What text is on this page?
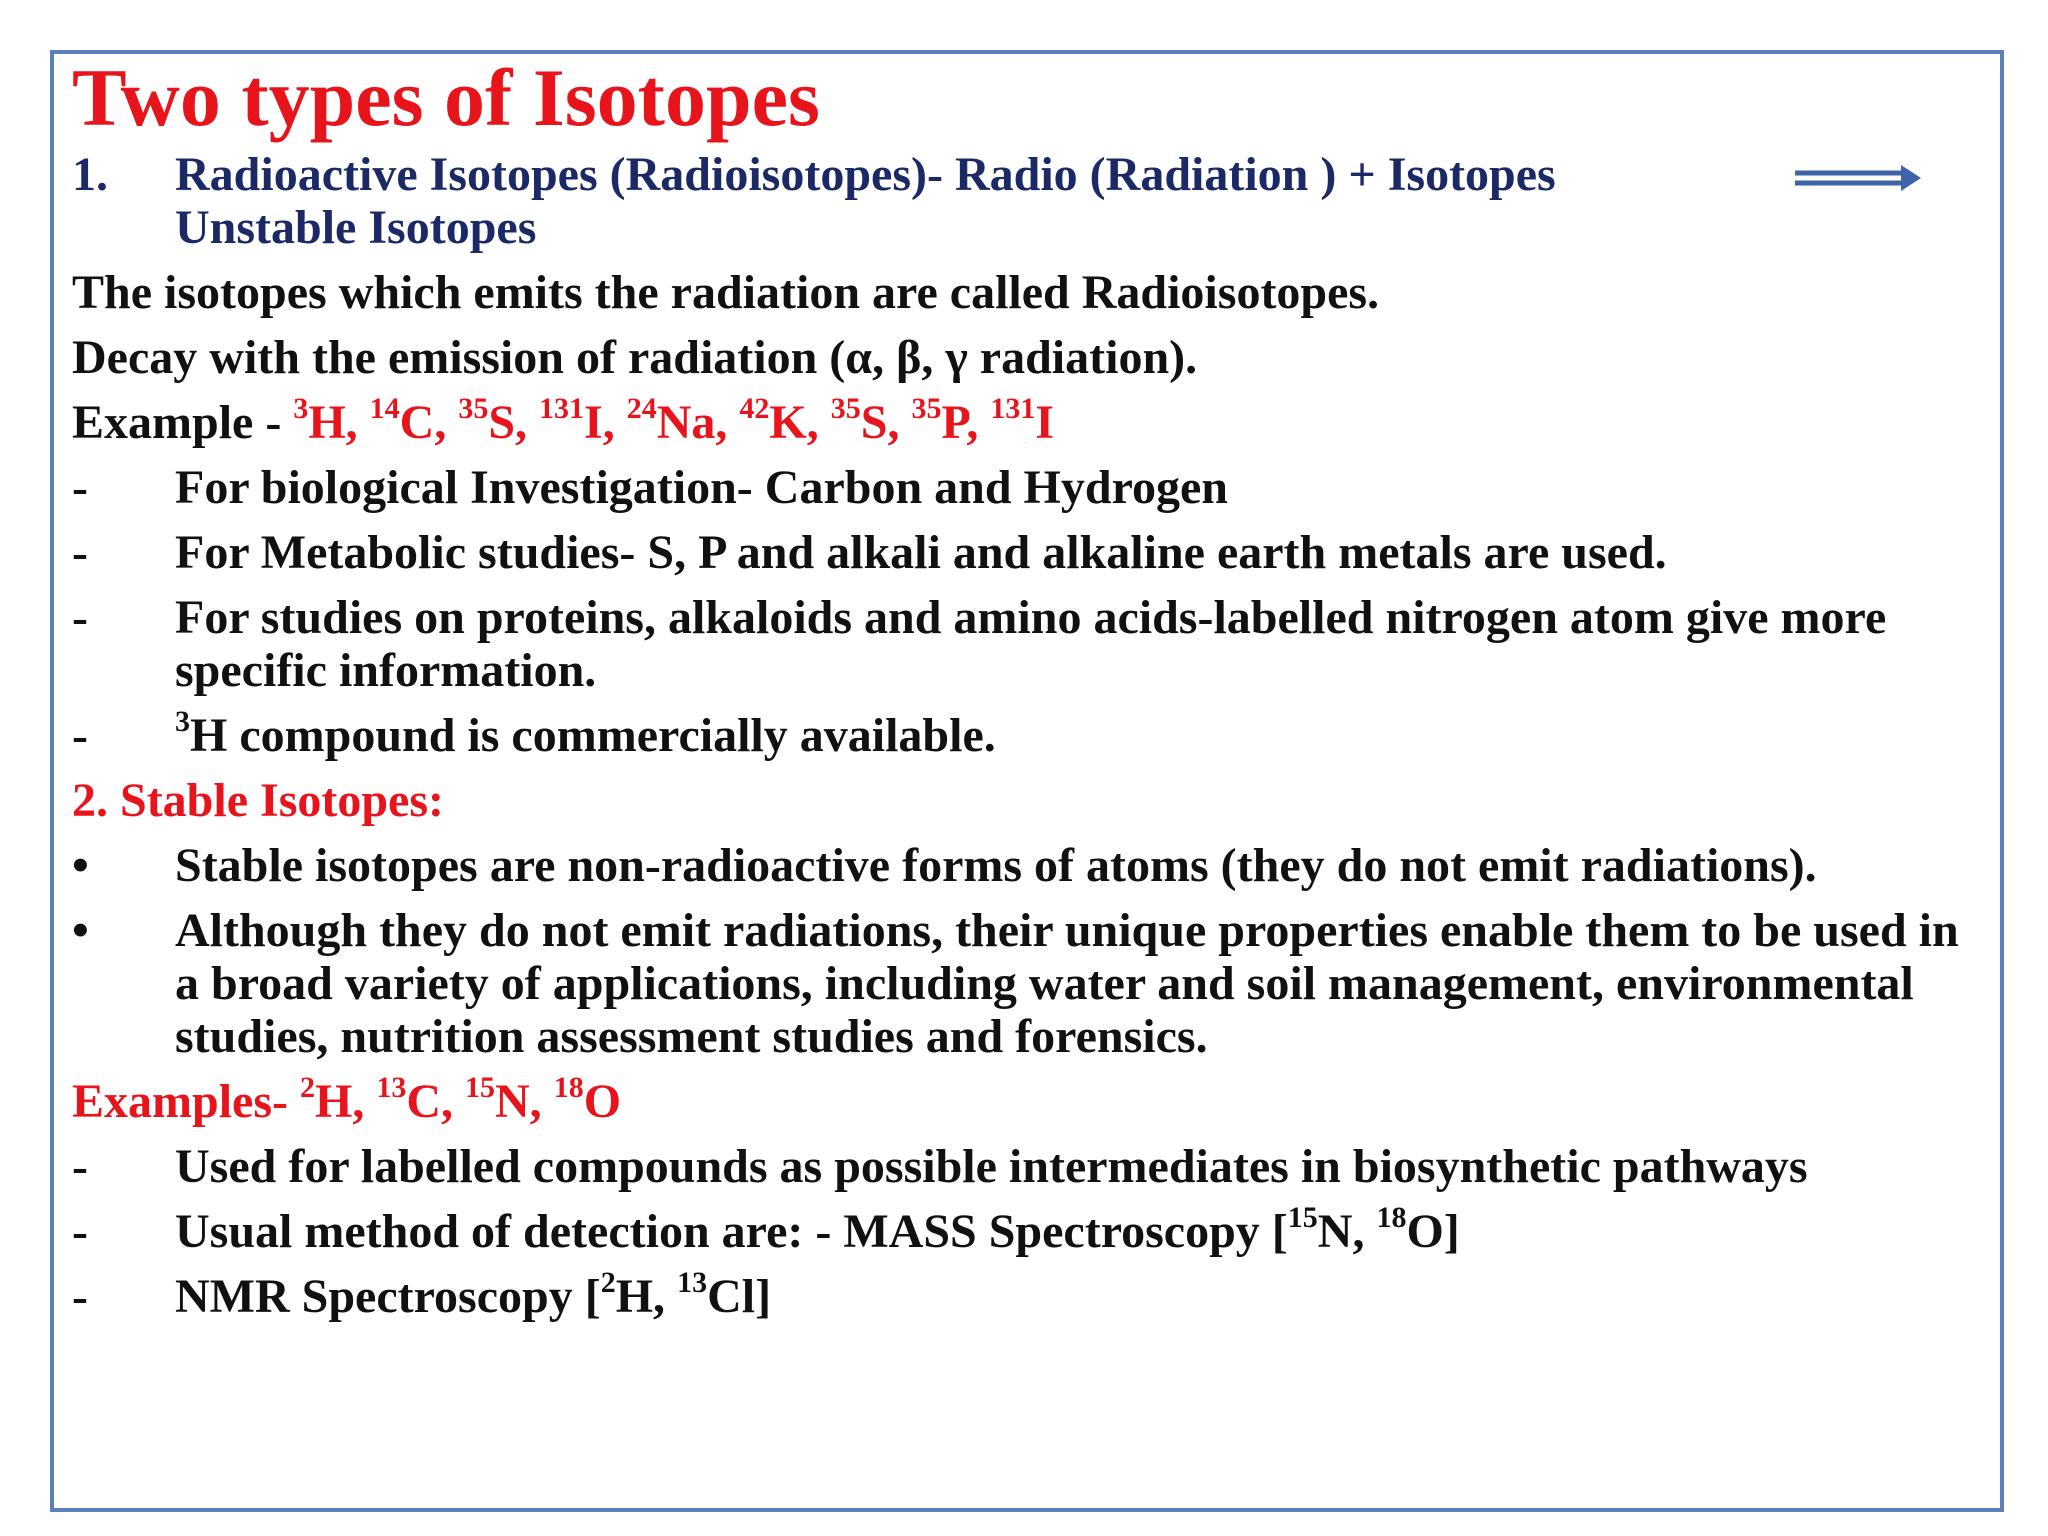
Two types of Isotopes
1.	Radioactive Isotopes (Radioisotopes)- Radio (Radiation ) + Isotopes
Unstable Isotopes
The isotopes which emits the radiation are called Radioisotopes.
Decay with the emission of radiation (α, β, γ radiation).
Example - $^3$H, $^{14}$C, $^{35}$S, $^{131}$I, $^{24}$Na, $^{42}$K, $^{35}$S, $^{35}$P, $^{131}$I
-	For biological Investigation- Carbon and Hydrogen
-	For Metabolic studies- S, P and alkali and alkaline earth metals are used.
-	For studies on proteins, alkaloids and amino acids-labelled nitrogen atom give more specific information.
-	$^3$H compound is commercially available.
2. Stable Isotopes:
•	Stable isotopes are non-radioactive forms of atoms (they do not emit radiations).
•	Although they do not emit radiations, their unique properties enable them to be used in a broad variety of applications, including water and soil management, environmental studies, nutrition assessment studies and forensics.
Examples- $^2$H, $^{13}$C, $^{15}$N, $^{18}$O
-	Used for labelled compounds as possible intermediates in biosynthetic pathways
-	Usual method of detection are: - MASS Spectroscopy [$^{15}$N, $^{18}$O]
-	NMR Spectroscopy [$^2$H, $^{13}$Cl]
